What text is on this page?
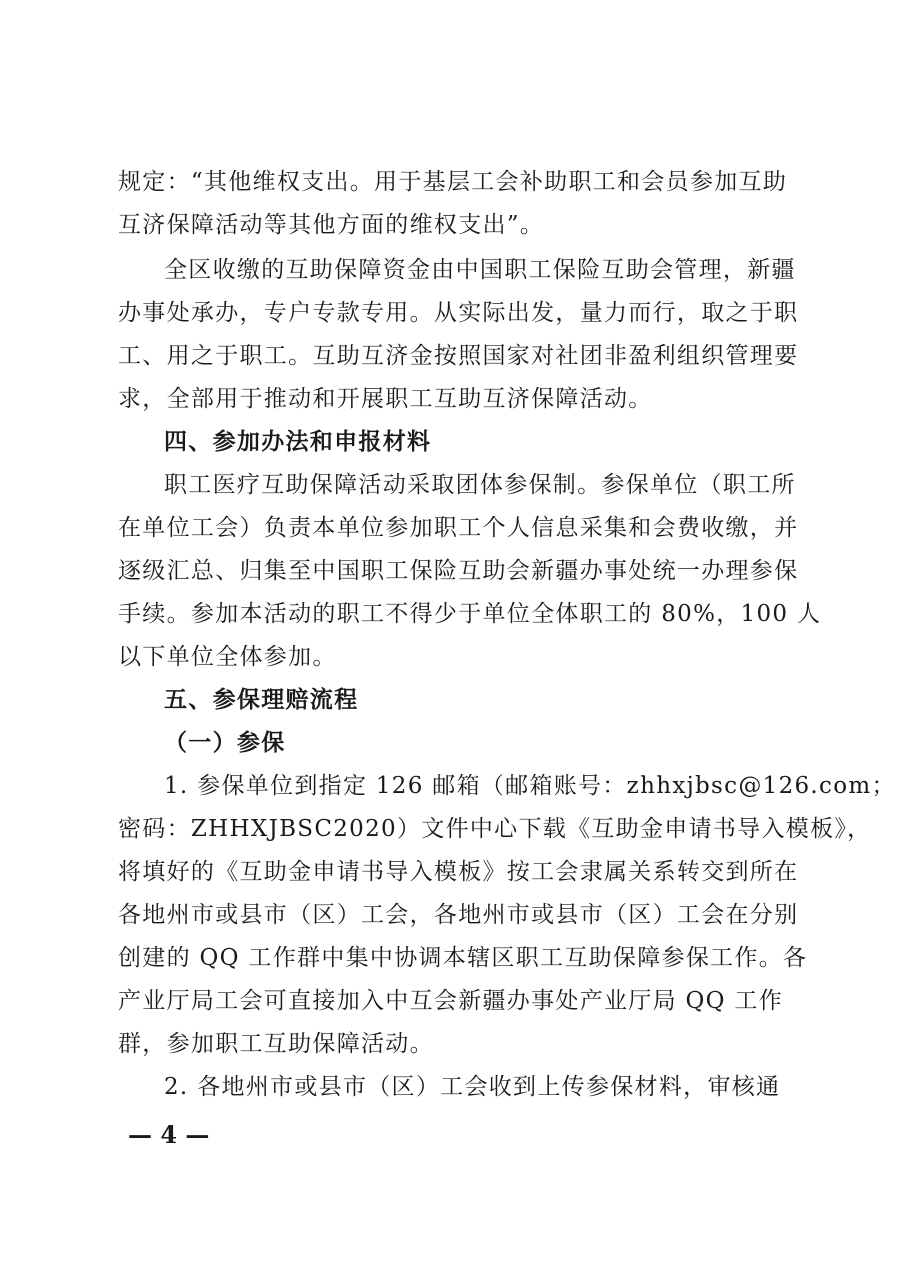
规定：“其他维权支出。用于基层工会补助职工和会员参加互助
互济保障活动等其他方面的维权支出”。
全区收缴的互助保障资金由中国职工保险互助会管理，新疆
办事处承办，专户专款专用。从实际出发，量力而行，取之于职
工、用之于职工。互助互济金按照国家对社团非盈利组织管理要
求，全部用于推动和开展职工互助互济保障活动。
四、参加办法和申报材料
职工医疗互助保障活动采取团体参保制。参保单位（职工所
在单位工会）负责本单位参加职工个人信息采集和会费收缴，并
逐级汇总、归集至中国职工保险互助会新疆办事处统一办理参保
手续。参加本活动的职工不得少于单位全体职工的 80%，100 人
以下单位全体参加。
五、参保理赔流程
（一）参保
1. 参保单位到指定 126 邮箱（邮箱账号：zhhxjbsc@126.com；
密码：ZHHXJBSC2020）文件中心下载《互助金申请书导入模板》，
将填好的《互助金申请书导入模板》按工会隶属关系转交到所在
各地州市或县市（区）工会，各地州市或县市（区）工会在分别
创建的 QQ 工作群中集中协调本辖区职工互助保障参保工作。各
产业厅局工会可直接加入中互会新疆办事处产业厅局 QQ 工作
群，参加职工互助保障活动。
2. 各地州市或县市（区）工会收到上传参保材料，审核通
— 4 —
